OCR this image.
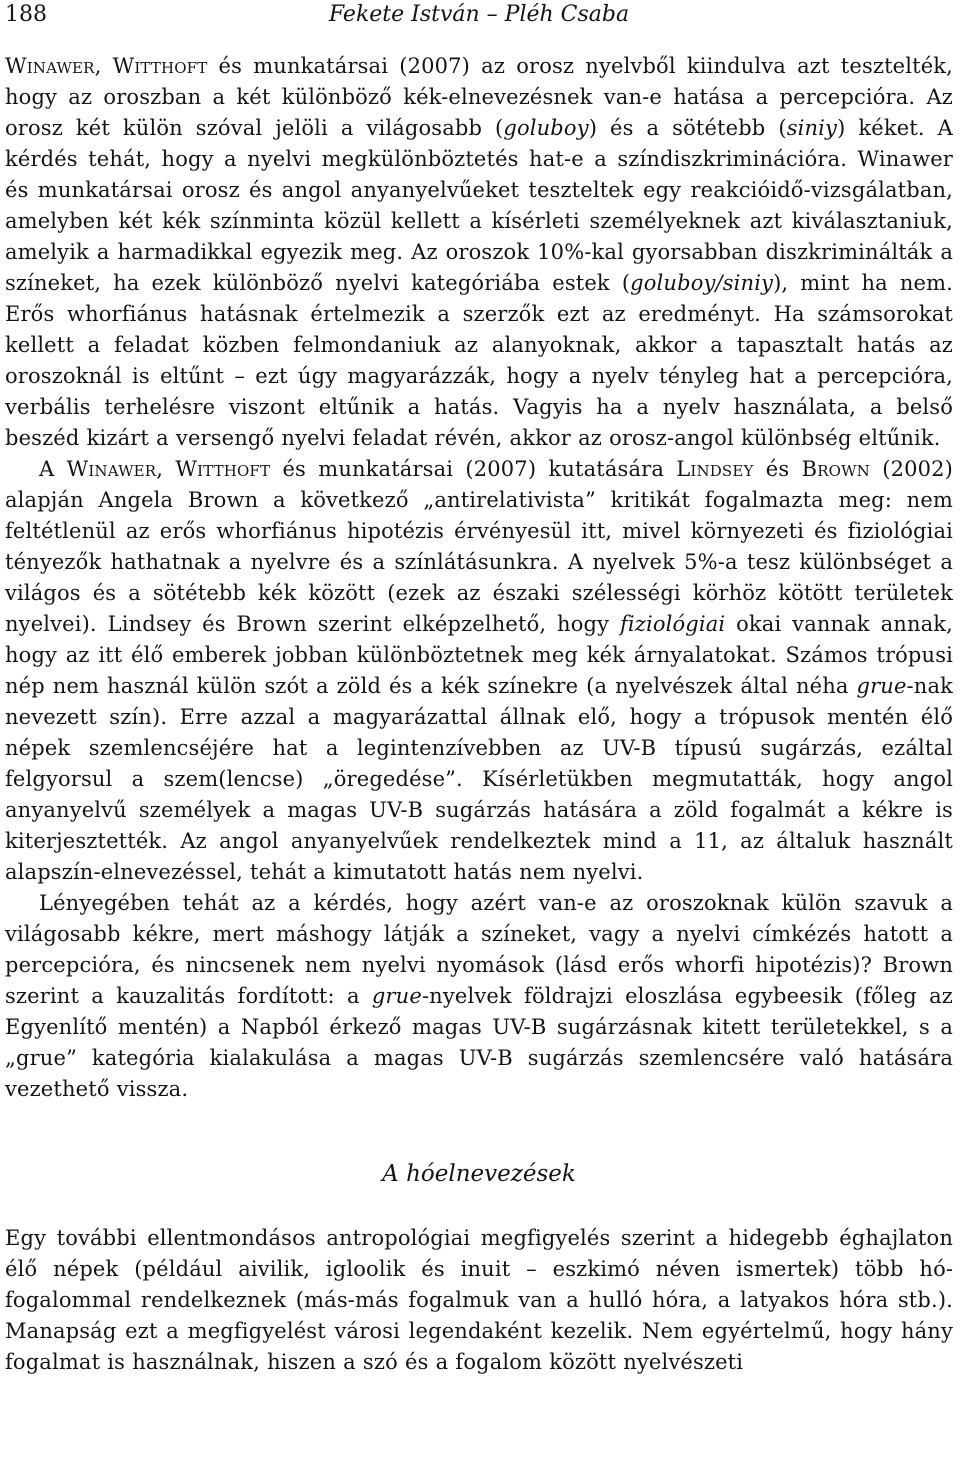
188	Fekete István – Pléh Csaba

Winawer, Witthoft és munkatársai (2007) az orosz nyelvből kiindulva azt tesztelték, hogy az oroszban a két különböző kék-elnevezésnek van-e hatása a percepcióra. Az orosz két külön szóval jelöli a világosabb (goluboy) és a sötétebb (siniy) kéket. A kérdés tehát, hogy a nyelvi megkülönböztetés hat-e a színdiszkriminációra. Winawer és munkatársai orosz és angol anyanyelvűeket teszteltek egy reakcióidő-vizsgálatban, amelyben két kék színminta közül kellett a kísérleti személyeknek azt kiválasztaniuk, amelyik a harmadikkal egyezik meg. Az oroszok 10%-kal gyorsabban diszkriminálták a színeket, ha ezek különböző nyelvi kategóriába estek (goluboy/siniy), mint ha nem. Erős whorfiánus hatásnak értelmezik a szerzők ezt az eredményt. Ha számsorokat kellett a feladat közben felmondaniuk az alanyoknak, akkor a tapasztalt hatás az oroszoknál is eltűnt – ezt úgy magyarázzák, hogy a nyelv tényleg hat a percepcióra, verbális terhelésre viszont eltűnik a hatás. Vagyis ha a nyelv használata, a belső beszéd kizárt a versengő nyelvi feladat révén, akkor az orosz-angol különbség eltűnik.

A Winawer, Witthoft és munkatársai (2007) kutatására Lindsey és Brown (2002) alapján Angela Brown a következő „antirelativista” kritikát fogalmazta meg: nem feltétlenül az erős whorfiánus hipotézis érvényesül itt, mivel környezeti és fiziológiai tényezők hathatnak a nyelvre és a színlátásunkra. A nyelvek 5%-a tesz különbséget a világos és a sötétebb kék között (ezek az északi szélességi körhöz kötött területek nyelvei). Lindsey és Brown szerint elképzelhető, hogy fiziológiai okai vannak annak, hogy az itt élő emberek jobban különböztetnek meg kék árnyalatokat. Számos trópusi nép nem használ külön szót a zöld és a kék színekre (a nyelvészek által néha grue-nak nevezett szín). Erre azzal a magyarázattal állnak elő, hogy a trópusok mentén élő népek szemlencséjére hat a legintenzívebben az UV-B típusú sugárzás, ezáltal felgyorsul a szem(lencse) „öregedése”. Kísérletükben megmutatták, hogy angol anyanyelvű személyek a magas UV-B sugárzás hatására a zöld fogalmát a kékre is kiterjesztették. Az angol anyanyelvűek rendelkeztek mind a 11, az általuk használt alapszín-elnevezéssel, tehát a kimutatott hatás nem nyelvi.

Lényegében tehát az a kérdés, hogy azért van-e az oroszoknak külön szavuk a világosabb kékre, mert máshogy látják a színeket, vagy a nyelvi címkézés hatott a percepcióra, és nincsenek nem nyelvi nyomások (lásd erős whorfi hipotézis)? Brown szerint a kauzalitás fordított: a grue-nyelvek földrajzi eloszlása egybeesik (főleg az Egyenlítő mentén) a Napból érkező magas UV-B sugárzásnak kitett területekkel, s a „grue” kategória kialakulása a magas UV-B sugárzás szemlencsére való hatására vezethető vissza.

A hóelnevezések

Egy további ellentmondásos antropológiai megfigyelés szerint a hidegebb éghajlaton élő népek (például aivilik, igloolik és inuit – eszkimó néven ismertek) több hófogalommal rendelkeznek (más-más fogalmuk van a hulló hóra, a latyakos hóra stb.). Manapság ezt a megfigyelést városi legendaként kezelik. Nem egyértelmű, hogy hány fogalmat is használnak, hiszen a szó és a fogalom között nyelvészeti
